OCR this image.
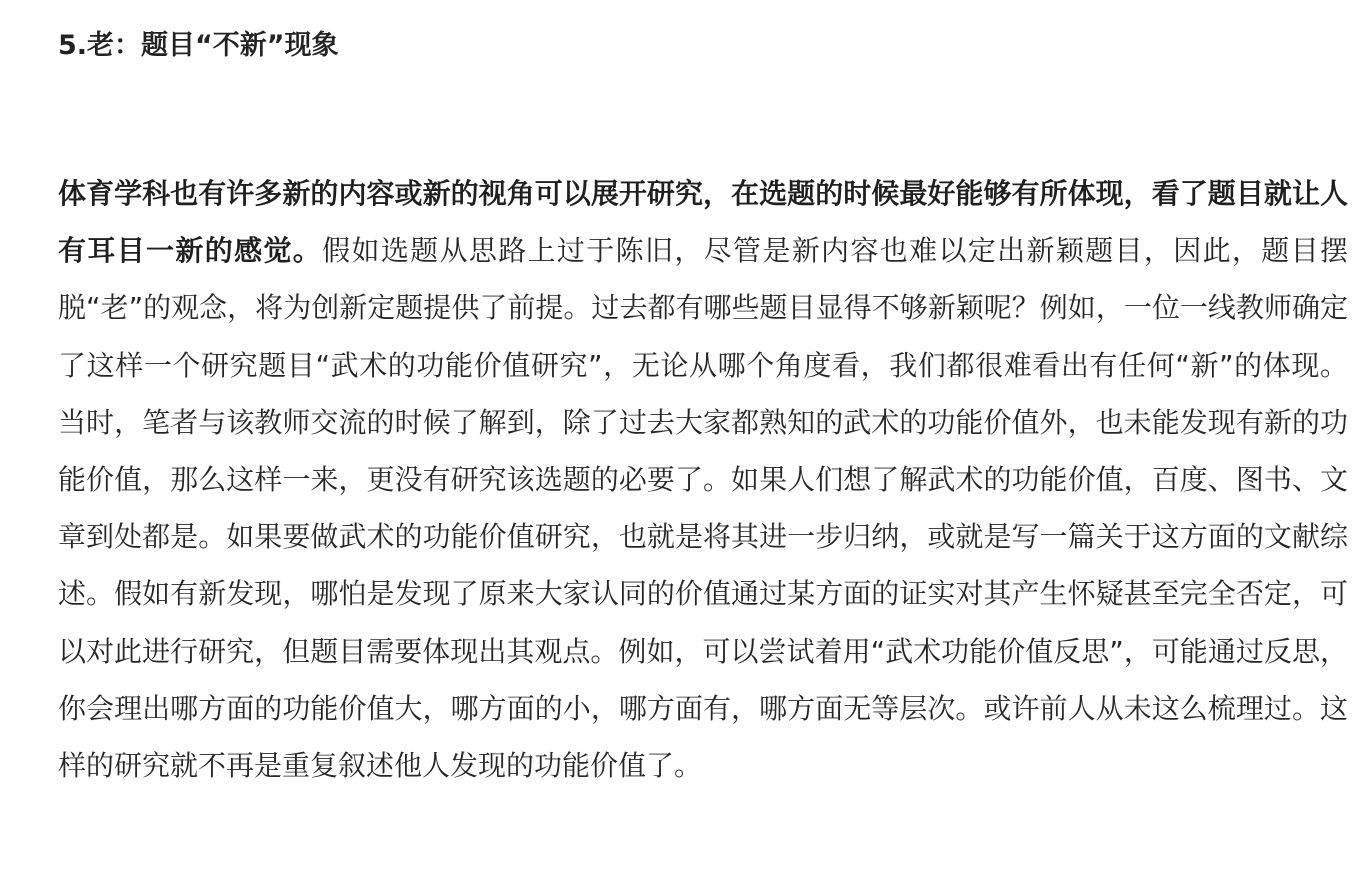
5.老：题目“不新”现象

体育学科也有许多新的内容或新的视角可以展开研究，在选题的时候最好能够有所体现，看了题目就让人有耳目一新的感觉。假如选题从思路上过于陈旧，尽管是新内容也难以定出新颖题目，因此，题目摆脱“老”的观念，将为创新定题提供了前提。过去都有哪些题目显得不够新颖呢？例如，一位一线教师确定了这样一个研究题目“武术的功能价值研究”，无论从哪个角度看，我们都很难看出有任何“新”的体现。当时，笔者与该教师交流的时候了解到，除了过去大家都熟知的武术的功能价值外，也未能发现有新的功能价值，那么这样一来，更没有研究该选题的必要了。如果人们想了解武术的功能价值，百度、图书、文章到处都是。如果要做武术的功能价值研究，也就是将其进一步归纳，或就是写一篇关于这方面的文献综述。假如有新发现，哪怕是发现了原来大家认同的价值通过某方面的证实对其产生怀疑甚至完全否定，可以对此进行研究，但题目需要体现出其观点。例如，可以尝试着用“武术功能价值反思”，可能通过反思，你会理出哪方面的功能价值大，哪方面的小，哪方面有，哪方面无等层次。或许前人从未这么梳理过。这样的研究就不再是重复叙述他人发现的功能价值了。
